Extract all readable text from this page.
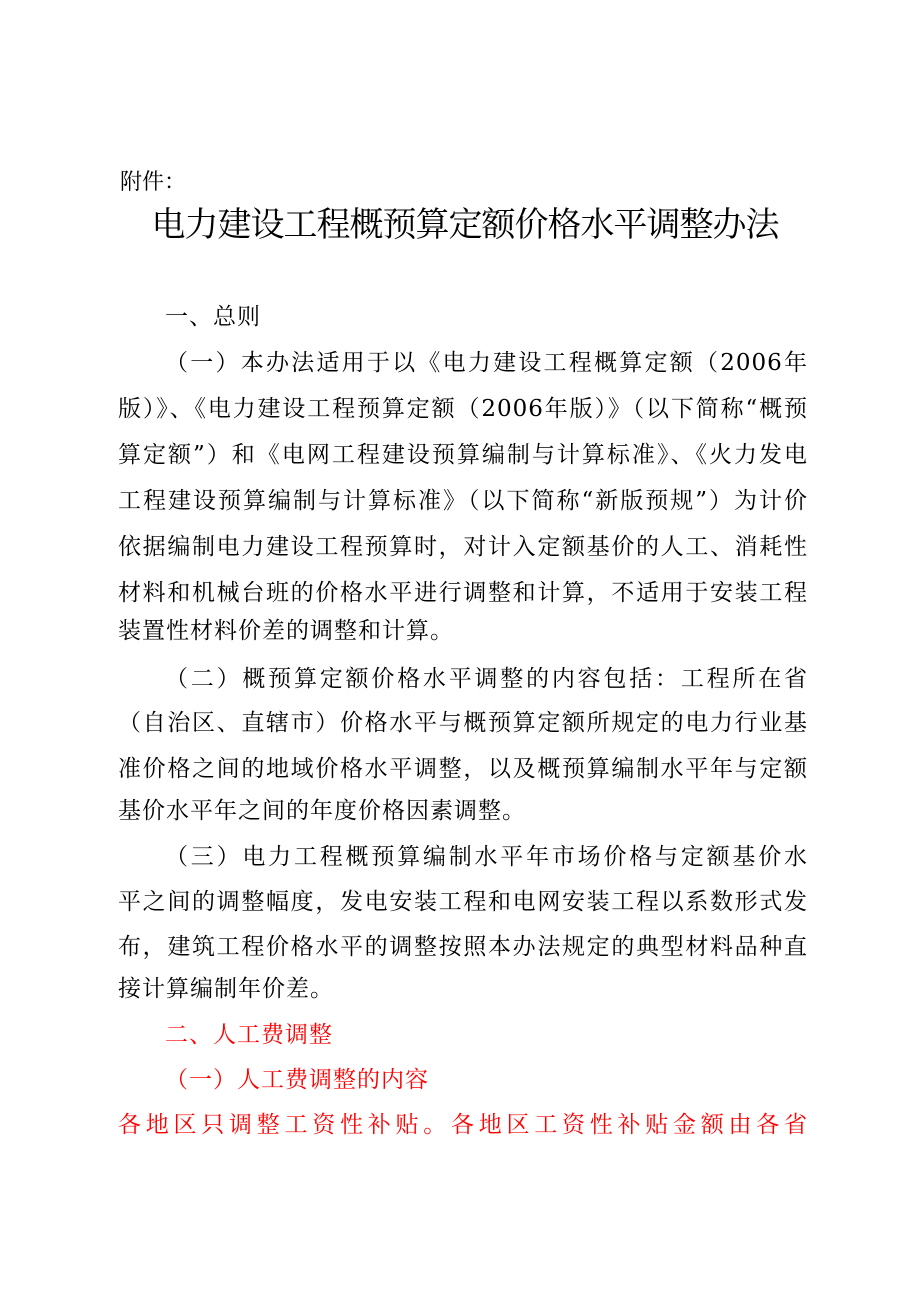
附件：
电力建设工程概预算定额价格水平调整办法
一、总则
（一）本办法适用于以《电力建设工程概算定额（2006年
版）》、《电力建设工程预算定额（2006年版）》（以下简称“概预
算定额”）和《电网工程建设预算编制与计算标准》、《火力发电
工程建设预算编制与计算标准》（以下简称“新版预规”）为计价
依据编制电力建设工程预算时，对计入定额基价的人工、消耗性
材料和机械台班的价格水平进行调整和计算，不适用于安装工程
装置性材料价差的调整和计算。
（二）概预算定额价格水平调整的内容包括：工程所在省
（自治区、直辖市）价格水平与概预算定额所规定的电力行业基
准价格之间的地域价格水平调整，以及概预算编制水平年与定额
基价水平年之间的年度价格因素调整。
（三）电力工程概预算编制水平年市场价格与定额基价水
平之间的调整幅度，发电安装工程和电网安装工程以系数形式发
布，建筑工程价格水平的调整按照本办法规定的典型材料品种直
接计算编制年价差。
二、人工费调整
（一）人工费调整的内容
各地区只调整工资性补贴。各地区工资性补贴金额由各省
